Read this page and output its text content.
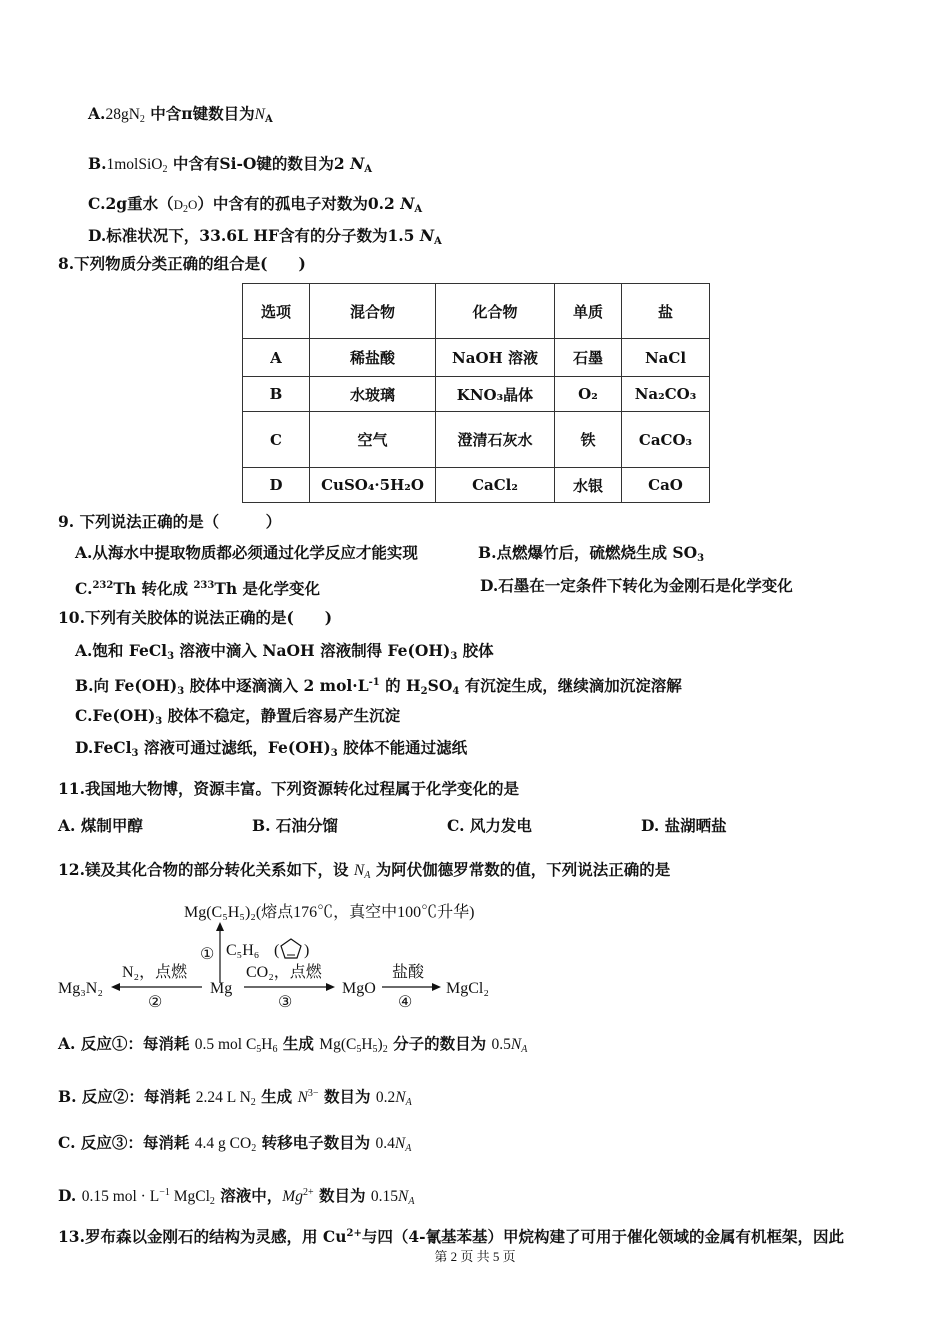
$A.28gN_2$ 中含π键数目为$N_A$
B.1molSiO$_2$ 中含有Si-O键的数目为2 $N_A$
C.2g重水$(D_2O)$中含有的孤电子对数为0.2 $N_A$
D.标准状况下，33.6L HF含有的分子数为1.5 $N_A$
8.下列物质分类正确的组合是(　　)
选项	混合物	化合物	单质	盐
A	稀盐酸	NaOH 溶液	石墨	NaCl
B	水玻璃	KNO₃晶体	O₂	Na₂CO₃
C	空气	澄清石灰水	铁	CaCO₃
D	CuSO₄·5H₂O	CaCl₂	水银	CaO
9. 下列说法正确的是（　　　）
A.从海水中提取物质都必须通过化学反应才能实现	B.点燃爆竹后，硫燃烧生成 $SO_3$
C.$^{232}$Th 转化成 $^{233}$Th 是化学变化	D.石墨在一定条件下转化为金刚石是化学变化
10.下列有关胶体的说法正确的是(　　)
A.饱和 FeCl$_3$ 溶液中滴入 NaOH 溶液制得 $Fe(OH)_3$ 胶体
B.向 $Fe(OH)_3$ 胶体中逐滴滴入 2 $mol\cdot L^{-1}$ 的 $H_2SO_4$ 有沉淀生成，继续滴加沉淀溶解
$C.Fe(OH)_3$ 胶体不稳定，静置后容易产生沉淀
D.FeCl$_3$ 溶液可通过滤纸，$Fe(OH)_3$ 胶体不能通过滤纸
11.我国地大物博，资源丰富。下列资源转化过程属于化学变化的是
A. 煤制甲醇	B. 石油分馏	C. 风力发电	D. 盐湖晒盐
12.镁及其化合物的部分转化关系如下，设 $N_A$ 为阿伏伽德罗常数的值，下列说法正确的是
Mg(C₅H₅)₂(熔点176℃，真空中100℃升华)
① C₅H₆ ( )
Mg₃N₂
N₂，点燃
②
Mg
CO₂，点燃
③
MgO
盐酸
④
MgCl₂
A. 反应①：每消耗 0.5 mol $C_5H_6$ 生成 $Mg(C_5H_5)_2$ 分子的数目为 $0.5N_A$
B. 反应②：每消耗 2.24 L $N_2$ 生成 $N^{3-}$ 数目为 $0.2N_A$
C. 反应③：每消耗 4.4 g $CO_2$ 转移电子数目为 $0.4N_A$
D. 0.15 mol · $L^{-1}$ MgCl$_2$ 溶液中，$Mg^{2+}$ 数目为 $0.15N_A$
13.罗布森以金刚石的结构为灵感，用 $Cu^{2+}$与四（4-氰基苯基）甲烷构建了可用于催化领域的金属有机框架，因此
第 2 页 共 5 页
